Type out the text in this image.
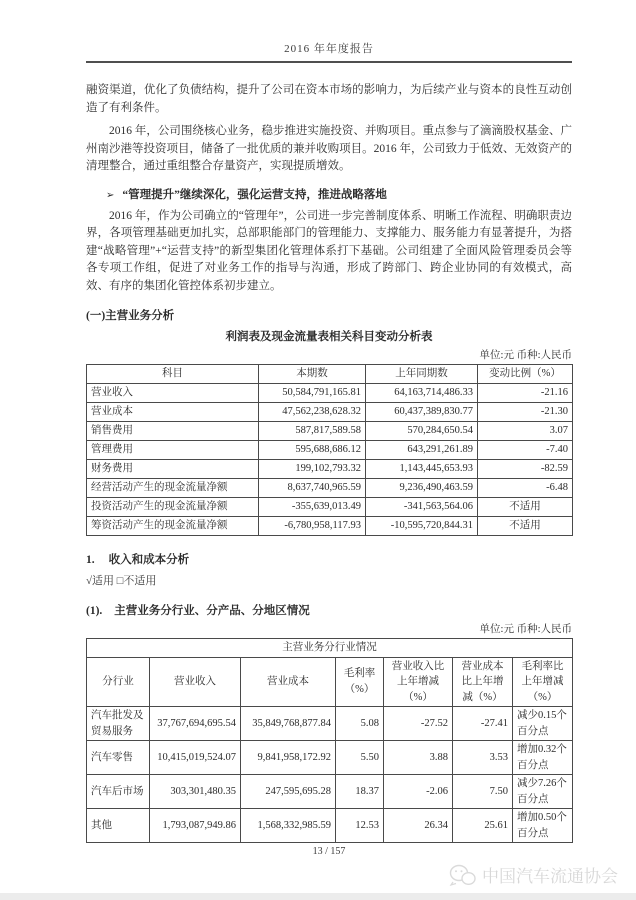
2016 年年度报告
融资渠道，优化了负债结构，提升了公司在资本市场的影响力，为后续产业与资本的良性互动创造了有利条件。
2016 年，公司围绕核心业务，稳步推进实施投资、并购项目。重点参与了滴滴股权基金、广州南沙港等投资项目，储备了一批优质的兼并收购项目。2016 年，公司致力于低效、无效资产的清理整合，通过重组整合存量资产，实现提质增效。
➢ “管理提升”继续深化，强化运营支持，推进战略落地
2016 年，作为公司确立的“管理年”，公司进一步完善制度体系、明晰工作流程、明确职责边界，各项管理基础更加扎实，总部职能部门的管理能力、支撑能力、服务能力有显著提升，为搭建“战略管理”+“运营支持”的新型集团化管理体系打下基础。公司组建了全面风险管理委员会等各专项工作组，促进了对业务工作的指导与沟通，形成了跨部门、跨企业协同的有效模式，高效、有序的集团化管控体系初步建立。
(一)主营业务分析
利润表及现金流量表相关科目变动分析表
单位:元 币种:人民币
科目	本期数	上年同期数	变动比例（%）
营业收入	50,584,791,165.81	64,163,714,486.33	-21.16
营业成本	47,562,238,628.32	60,437,389,830.77	-21.30
销售费用	587,817,589.58	570,284,650.54	3.07
管理费用	595,688,686.12	643,291,261.89	-7.40
财务费用	199,102,793.32	1,143,445,653.93	-82.59
经营活动产生的现金流量净额	8,637,740,965.59	9,236,490,463.59	-6.48
投资活动产生的现金流量净额	-355,639,013.49	-341,563,564.06	不适用
筹资活动产生的现金流量净额	-6,780,958,117.93	-10,595,720,844.31	不适用
1. 收入和成本分析
√适用 □不适用
(1). 主营业务分行业、分产品、分地区情况
单位:元 币种:人民币
主营业务分行业情况						
分行业	营业收入	营业成本	毛利率（%）	营业收入比上年增减（%）	营业成本比上年增减（%）	毛利率比上年增减（%）
汽车批发及贸易服务	37,767,694,695.54	35,849,768,877.84	5.08	-27.52	-27.41	减少0.15个百分点
汽车零售	10,415,019,524.07	9,841,958,172.92	5.50	3.88	3.53	增加0.32个百分点
汽车后市场	303,301,480.35	247,595,695.28	18.37	-2.06	7.50	减少7.26个百分点
其他	1,793,087,949.86	1,568,332,985.59	12.53	26.34	25.61	增加0.50个百分点
13 / 157
中国汽车流通协会
